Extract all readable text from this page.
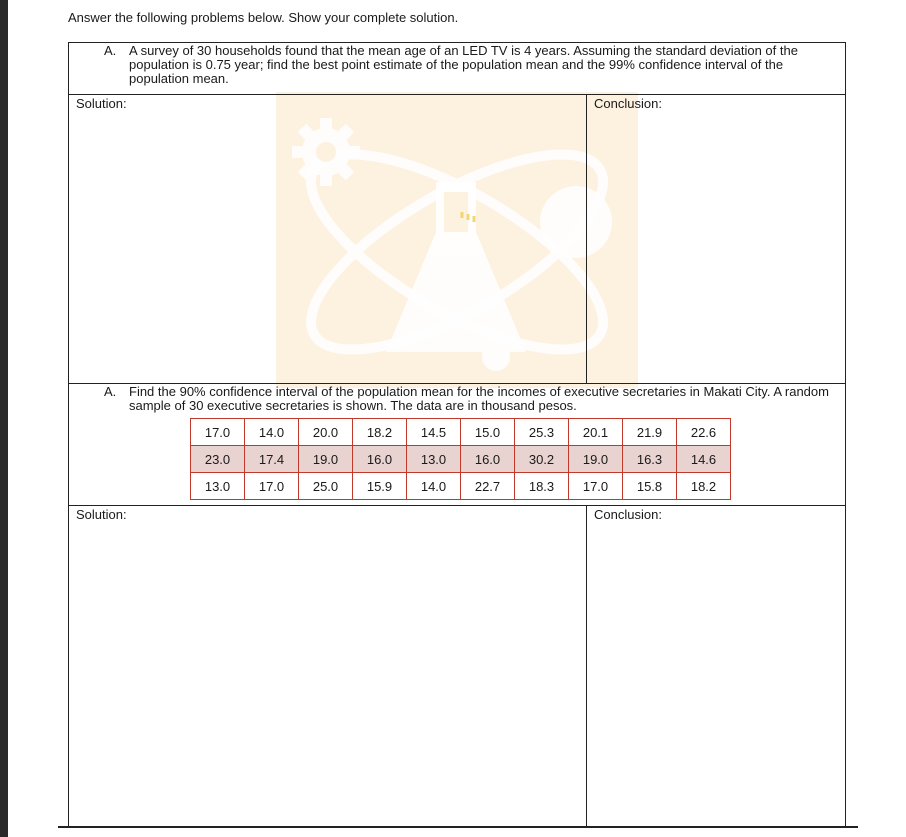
Answer the following problems below. Show your complete solution.

A. A survey of 30 households found that the mean age of an LED TV is 4 years. Assuming the standard deviation of the population is 0.75 year; find the best point estimate of the population mean and the 99% confidence interval of the population mean.

Solution:	Conclusion:

A. Find the 90% confidence interval of the population mean for the incomes of executive secretaries in Makati City. A random sample of 30 executive secretaries is shown. The data are in thousand pesos.

17.0	14.0	20.0	18.2	14.5	15.0	25.3	20.1	21.9	22.6
23.0	17.4	19.0	16.0	13.0	16.0	30.2	19.0	16.3	14.6
13.0	17.0	25.0	15.9	14.0	22.7	18.3	17.0	15.8	18.2

Solution:	Conclusion:
